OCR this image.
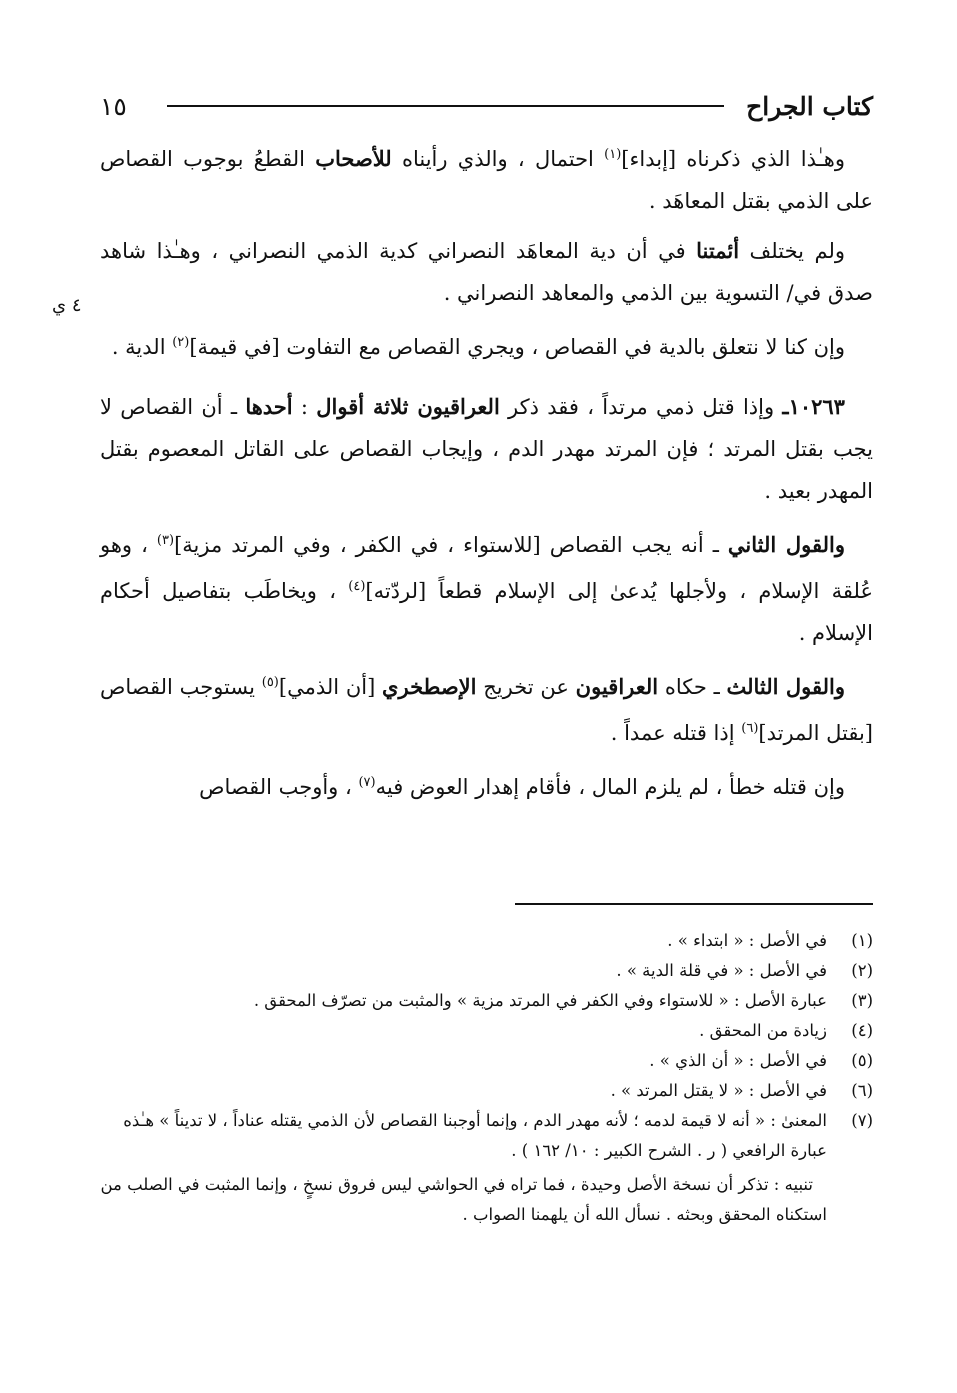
كتاب الجراح
١٥
٤ ي

وهـٰذا الذي ذكرناه [إبداء]$^{(١)}$ احتمال ، والذي رأيناه للأصحاب القطعُ بوجوب القصاص على الذمي بقتل المعاهَد .

ولم يختلف أئمتنا في أن دية المعاهَد النصراني كدية الذمي النصراني ، وهـٰذا شاهد صدق في/ التسوية بين الذمي والمعاهد النصراني .

وإن كنا لا نتعلق بالدية في القصاص ، ويجري القصاص مع التفاوت [في قيمة]$^{(٢)}$ الدية .

١٠٢٦٣ـ وإذا قتل ذمي مرتداً ، فقد ذكر العراقيون ثلاثة أقوال : أحدها ـ أن القصاص لا يجب بقتل المرتد ؛ فإن المرتد مهدر الدم ، وإيجاب القصاص على القاتل المعصوم بقتل المهدر بعيد .

والقول الثاني ـ أنه يجب القصاص [للاستواء ، في الكفر ، وفي المرتد مزية]$^{(٣)}$ ، وهو عُلقة الإسلام ، ولأجلها يُدعىٰ إلى الإسلام قطعاً [لردّته]$^{(٤)}$ ، ويخاطَب بتفاصيل أحكام الإسلام .

والقول الثالث ـ حكاه العراقيون عن تخريج الإصطخري [أن الذمي]$^{(٥)}$ يستوجب القصاص [بقتل المرتد]$^{(٦)}$ إذا قتله عمداً .

وإن قتله خطأ ، لم يلزم المال ، فأقام إهدار العوض فيه$^{(٧)}$ ، وأوجب القصاص

(١)
في الأصل : « ابتداء » .
(٢)
في الأصل : « في قلة الدية » .
(٣)
عبارة الأصل : « للاستواء وفي الكفر في المرتد مزية » والمثبت من تصرّف المحقق .
(٤)
زيادة من المحقق .
(٥)
في الأصل : « أن الذي » .
(٦)
في الأصل : « لا يقتل المرتد » .
(٧)
المعنىٰ : « أنه لا قيمة لدمه ؛ لأنه مهدر الدم ، وإنما أوجبنا القصاص لأن الذمي يقتله عناداً ، لا تديناً » هـٰذه عبارة الرافعي ( ر . الشرح الكبير : ١٠/ ١٦٢ ) .
تنبيه : تذكر أن نسخة الأصل وحيدة ، فما تراه في الحواشي ليس فروق نسخٍ ، وإنما المثبت في الصلب من استكناه المحقق وبحثه . نسأل الله أن يلهمنا الصواب .
